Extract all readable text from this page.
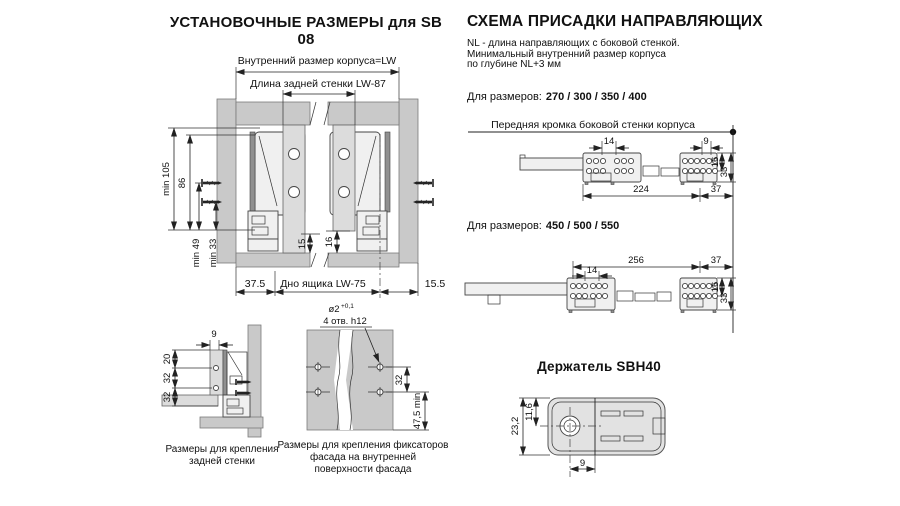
УСТАНОВОЧНЫЕ РАЗМЕРЫ для SB 08
СХЕМА ПРИСАДКИ НАПРАВЛЯЮЩИХ
NL - длина направляющих с боковой стенкой.
Минимальный внутренний размер корпуса
по глубине NL+3 мм
Для размеров: 270 / 300 / 350 / 400
Для размеров: 450 / 500 / 550
Держатель SBH40
Внутренний размер корпуса=LW
Длина задней стенки LW-87
min 105 86
min 49 min 33	15 16
37.5 Дно ящика LW-75	15.5
9
20
32
32
Размеры для крепления
задней стенки
ø2 +0,1
4 отв. h12
32
47,5 min
Размеры для крепления фиксаторов
фасада на внутренней
поверхности фасада
Передняя кромка боковой стенки корпуса
14	9
224	37
16
33
256	37
14
16
33
23,2
11,6
9
